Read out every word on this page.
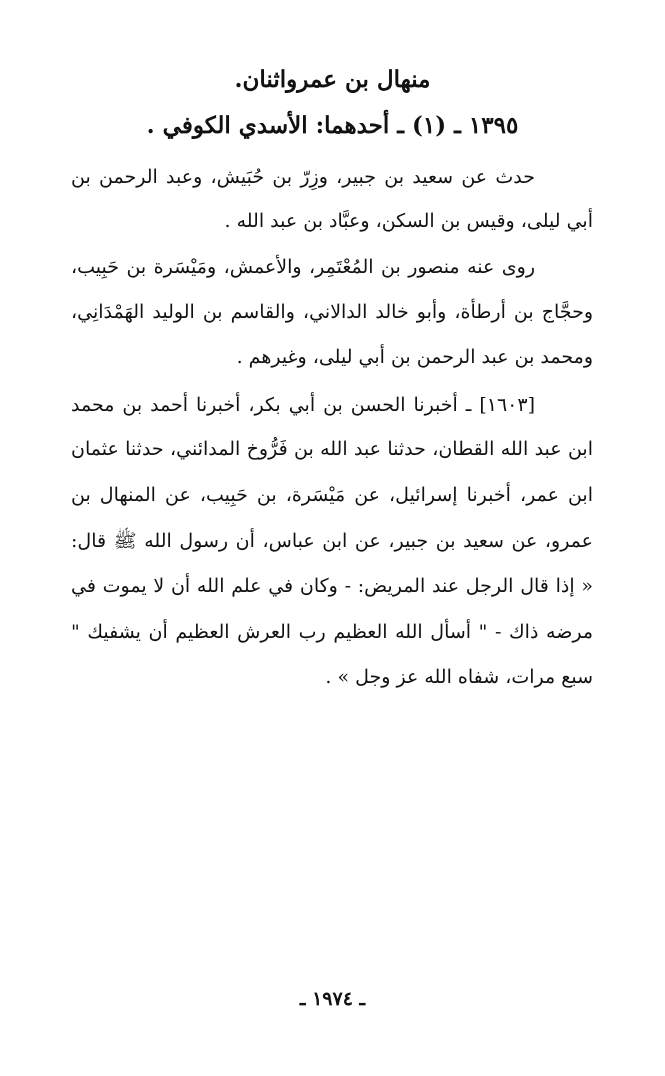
منهال بن عمرواثنان.
١٣٩٥ ـ (١) ـ أحدهما: الأسدي الكوفي .
حدث عن سعيد بن جبير، وزِرّ بن حُبَيش، وعبد الرحمن بن
أبي ليلى، وقيس بن السكن، وعبَّاد بن عبد الله .
روى عنه منصور بن المُعْتَمِر، والأعمش، ومَيْسَرة بن حَبِيب،
وحجَّاج بن أرطأة، وأبو خالد الدالاني، والقاسم بن الوليد الهَمْدَانِي،
ومحمد بن عبد الرحمن بن أبي ليلى، وغيرهم .
[١٦٠٣] ـ أخبرنا الحسن بن أبي بكر، أخبرنا أحمد بن محمد
ابن عبد الله القطان، حدثنا عبد الله بن فَرُّوخ المدائني، حدثنا عثمان
ابن عمر، أخبرنا إسرائيل، عن مَيْسَرة، بن حَبِيب، عن المنهال بن
عمرو، عن سعيد بن جبير، عن ابن عباس، أن رسول الله ﷺ قال:
« إذا قال الرجل عند المريض: - وكان في علم الله أن لا يموت في
مرضه ذاك - " أسأل الله العظيم رب العرش العظيم أن يشفيك "
سبع مرات، شفاه الله عز وجل » .
ـ ١٩٧٤ ـ
